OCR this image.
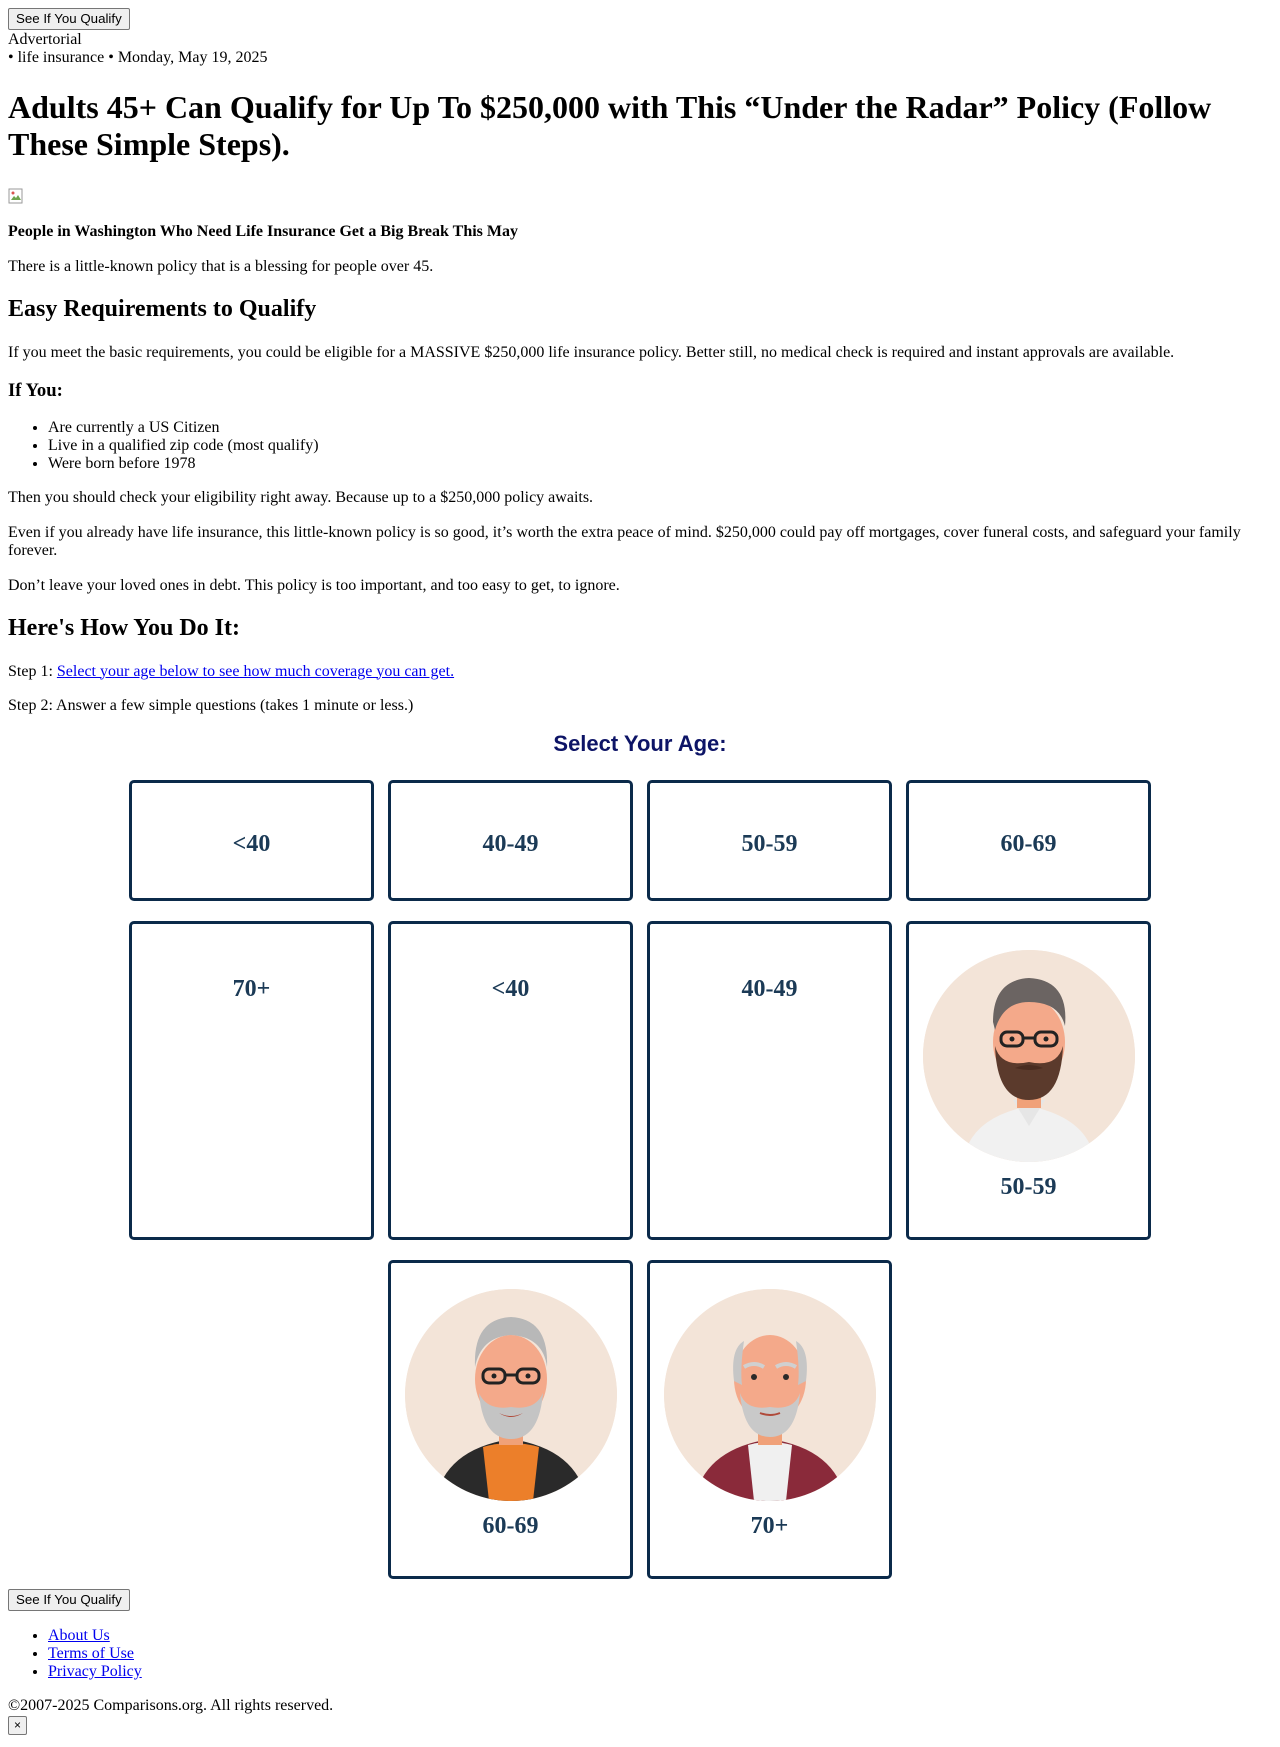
See If You Qualify
Advertorial
• life insurance • Monday, May 19, 2025
Adults 45+ Can Qualify for Up To $250,000 with This “Under the Radar” Policy (Follow These Simple Steps).

People in Washington Who Need Life Insurance Get a Big Break This May

There is a little-known policy that is a blessing for people over 45.

Easy Requirements to Qualify

If you meet the basic requirements, you could be eligible for a MASSIVE $250,000 life insurance policy. Better still, no medical check is required and instant approvals are available.

If You:
• Are currently a US Citizen
• Live in a qualified zip code (most qualify)
• Were born before 1978

Then you should check your eligibility right away. Because up to a $250,000 policy awaits.

Even if you already have life insurance, this little-known policy is so good, it’s worth the extra peace of mind. $250,000 could pay off mortgages, cover funeral costs, and safeguard your family forever.

Don’t leave your loved ones in debt. This policy is too important, and too easy to get, to ignore.

Here's How You Do It:

Step 1: Select your age below to see how much coverage you can get.

Step 2: Answer a few simple questions (takes 1 minute or less.)

Select Your Age:
<40	40-49	50-59	60-69
70+	<40	40-49
50-59
60-69	70+
See If You Qualify
• About Us
• Terms of Use
• Privacy Policy
©2007-2025 Comparisons.org. All rights reserved.
×
